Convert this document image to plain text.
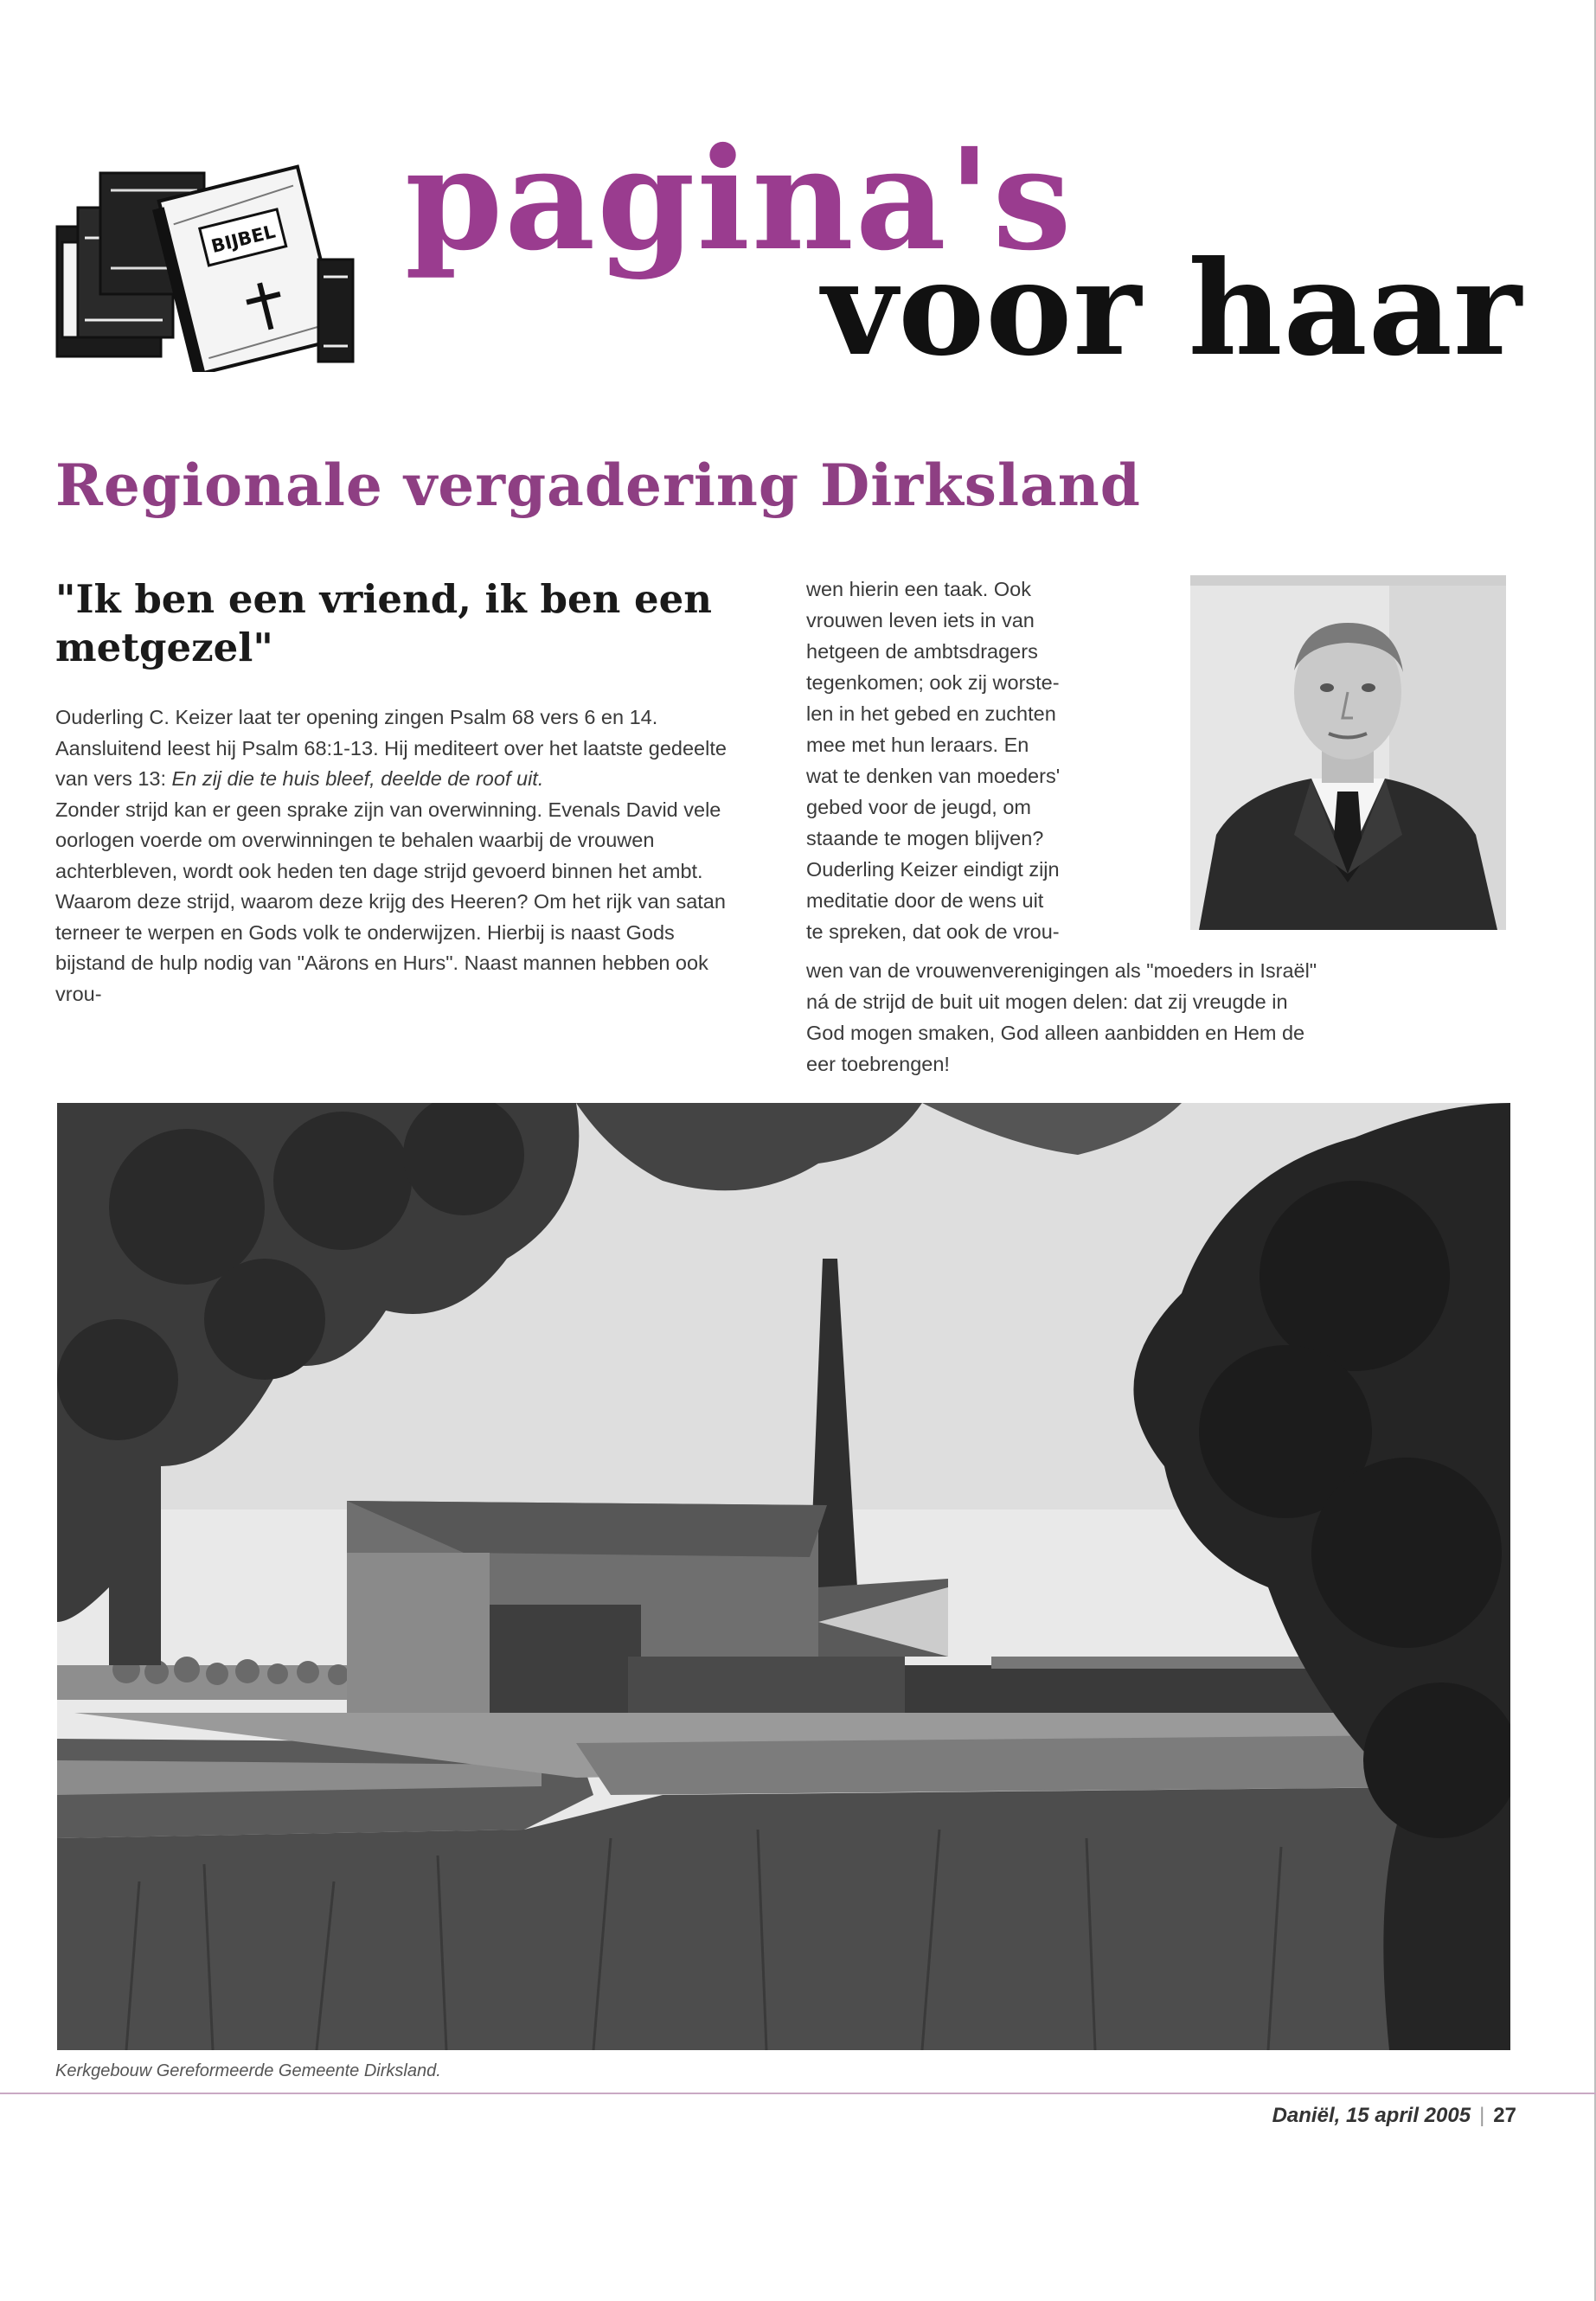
BIJBEL pagina's
voor haar
Regionale vergadering Dirksland
"Ik ben een vriend, ik ben een metgezel"

Ouderling C. Keizer laat ter opening zingen Psalm 68 vers 6 en 14. Aansluitend leest hij Psalm 68:1-13. Hij mediteert over het laatste gedeelte van vers 13: En zij die te huis bleef, deelde de roof uit.

Zonder strijd kan er geen sprake zijn van overwinning. Evenals David vele oorlogen voerde om overwinningen te behalen waarbij de vrouwen achterbleven, wordt ook heden ten dage strijd gevoerd binnen het ambt. Waarom deze strijd, waarom deze krijg des Heeren? Om het rijk van satan terneer te werpen en Gods volk te onderwijzen. Hierbij is naast Gods bijstand de hulp nodig van "Aärons en Hurs". Naast mannen hebben ook vrou-

wen hierin een taak. Ook
vrouwen leven iets in van
hetgeen de ambtsdragers
tegenkomen; ook zij worste-
len in het gebed en zuchten
mee met hun leraars. En
wat te denken van moeders'
gebed voor de jeugd, om
staande te mogen blijven?
Ouderling Keizer eindigt zijn
meditatie door de wens uit
te spreken, dat ook de vrou-
wen van de vrouwenverenigingen als "moeders in Israël"
ná de strijd de buit uit mogen delen: dat zij vreugde in
God mogen smaken, God alleen aanbidden en Hem de
eer toebrengen!

Kerkgebouw Gereformeerde Gemeente Dirksland.

Daniël, 15 april 2005 | 27
